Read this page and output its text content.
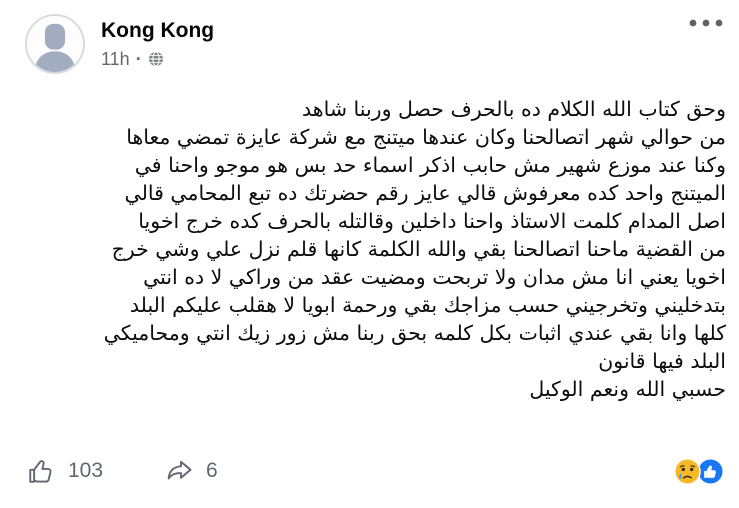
Kong Kong
11h ·
وحق كتاب الله الكلام ده بالحرف حصل وربنا شاهد
من حوالي شهر اتصالحنا وكان عندها ميتنج مع شركة عايزة تمضي معاها
وكنا عند موزع شهير مش حابب اذكر اسماء حد بس هو موجو واحنا في
الميتنج واحد كده معرفوش قالي عايز رقم حضرتك ده تبع المحامي قالي
اصل المدام كلمت الاستاذ واحنا داخلين وقالتله بالحرف كده خرج اخويا
من القضية ماحنا اتصالحنا بقي والله الكلمة كانها قلم نزل علي وشي خرج
اخويا يعني انا مش مدان ولا تربحت ومضيت عقد من وراكي لا ده انتي
بتدخليني وتخرجيني حسب مزاجك بقي ورحمة ابويا لا هقلب عليكم البلد
كلها وانا بقي عندي اثبات بكل كلمه بحق ربنا مش زور زيك انتي ومحاميكي
البلد فيها قانون
حسبي الله ونعم الوكيل
103	6
